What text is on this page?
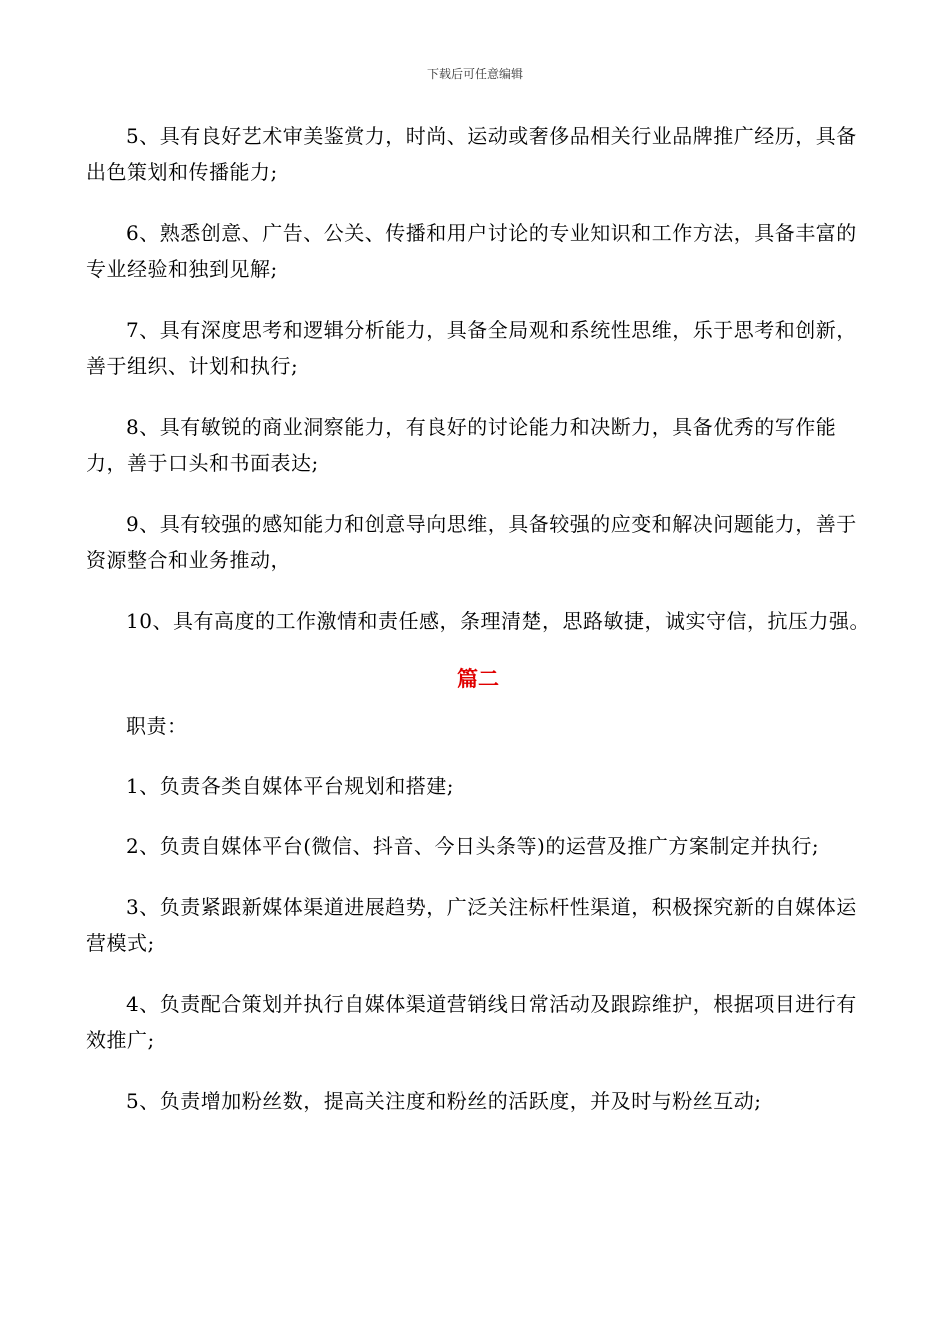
下载后可任意编辑

5、具有良好艺术审美鉴赏力，时尚、运动或奢侈品相关行业品牌推广经历，具备出色策划和传播能力;

6、熟悉创意、广告、公关、传播和用户讨论的专业知识和工作方法，具备丰富的专业经验和独到见解;

7、具有深度思考和逻辑分析能力，具备全局观和系统性思维，乐于思考和创新，善于组织、计划和执行;

8、具有敏锐的商业洞察能力，有良好的讨论能力和决断力，具备优秀的写作能力，善于口头和书面表达;

9、具有较强的感知能力和创意导向思维，具备较强的应变和解决问题能力，善于资源整合和业务推动，

10、具有高度的工作激情和责任感，条理清楚，思路敏捷，诚实守信，抗压力强。

篇二

职责：

1、负责各类自媒体平台规划和搭建;

2、负责自媒体平台(微信、抖音、今日头条等)的运营及推广方案制定并执行;

3、负责紧跟新媒体渠道进展趋势，广泛关注标杆性渠道，积极探究新的自媒体运营模式;

4、负责配合策划并执行自媒体渠道营销线日常活动及跟踪维护，根据项目进行有效推广;

5、负责增加粉丝数，提高关注度和粉丝的活跃度，并及时与粉丝互动;
